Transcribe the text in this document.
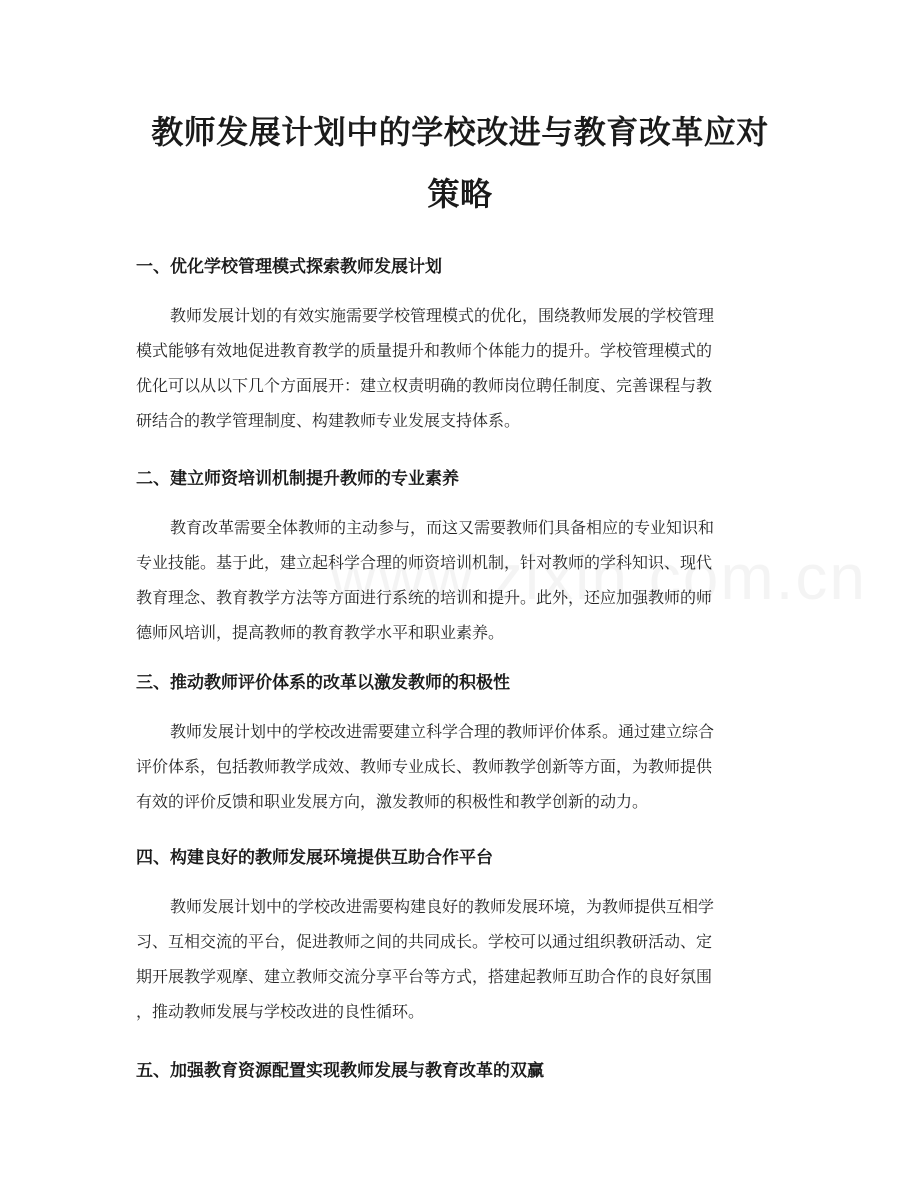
教师发展计划中的学校改进与教育改革应对
策略
一、优化学校管理模式探索教师发展计划

教师发展计划的有效实施需要学校管理模式的优化，围绕教师发展的学校管理
模式能够有效地促进教育教学的质量提升和教师个体能力的提升。学校管理模式的
优化可以从以下几个方面展开：建立权责明确的教师岗位聘任制度、完善课程与教
研结合的教学管理制度、构建教师专业发展支持体系。

二、建立师资培训机制提升教师的专业素养

教育改革需要全体教师的主动参与，而这又需要教师们具备相应的专业知识和
专业技能。基于此，建立起科学合理的师资培训机制，针对教师的学科知识、现代
教育理念、教育教学方法等方面进行系统的培训和提升。此外，还应加强教师的师
德师风培训，提高教师的教育教学水平和职业素养。

三、推动教师评价体系的改革以激发教师的积极性

教师发展计划中的学校改进需要建立科学合理的教师评价体系。通过建立综合
评价体系，包括教师教学成效、教师专业成长、教师教学创新等方面，为教师提供
有效的评价反馈和职业发展方向，激发教师的积极性和教学创新的动力。

四、构建良好的教师发展环境提供互助合作平台

教师发展计划中的学校改进需要构建良好的教师发展环境，为教师提供互相学
习、互相交流的平台，促进教师之间的共同成长。学校可以通过组织教研活动、定
期开展教学观摩、建立教师交流分享平台等方式，搭建起教师互助合作的良好氛围
，推动教师发展与学校改进的良性循环。

五、加强教育资源配置实现教师发展与教育改革的双赢
